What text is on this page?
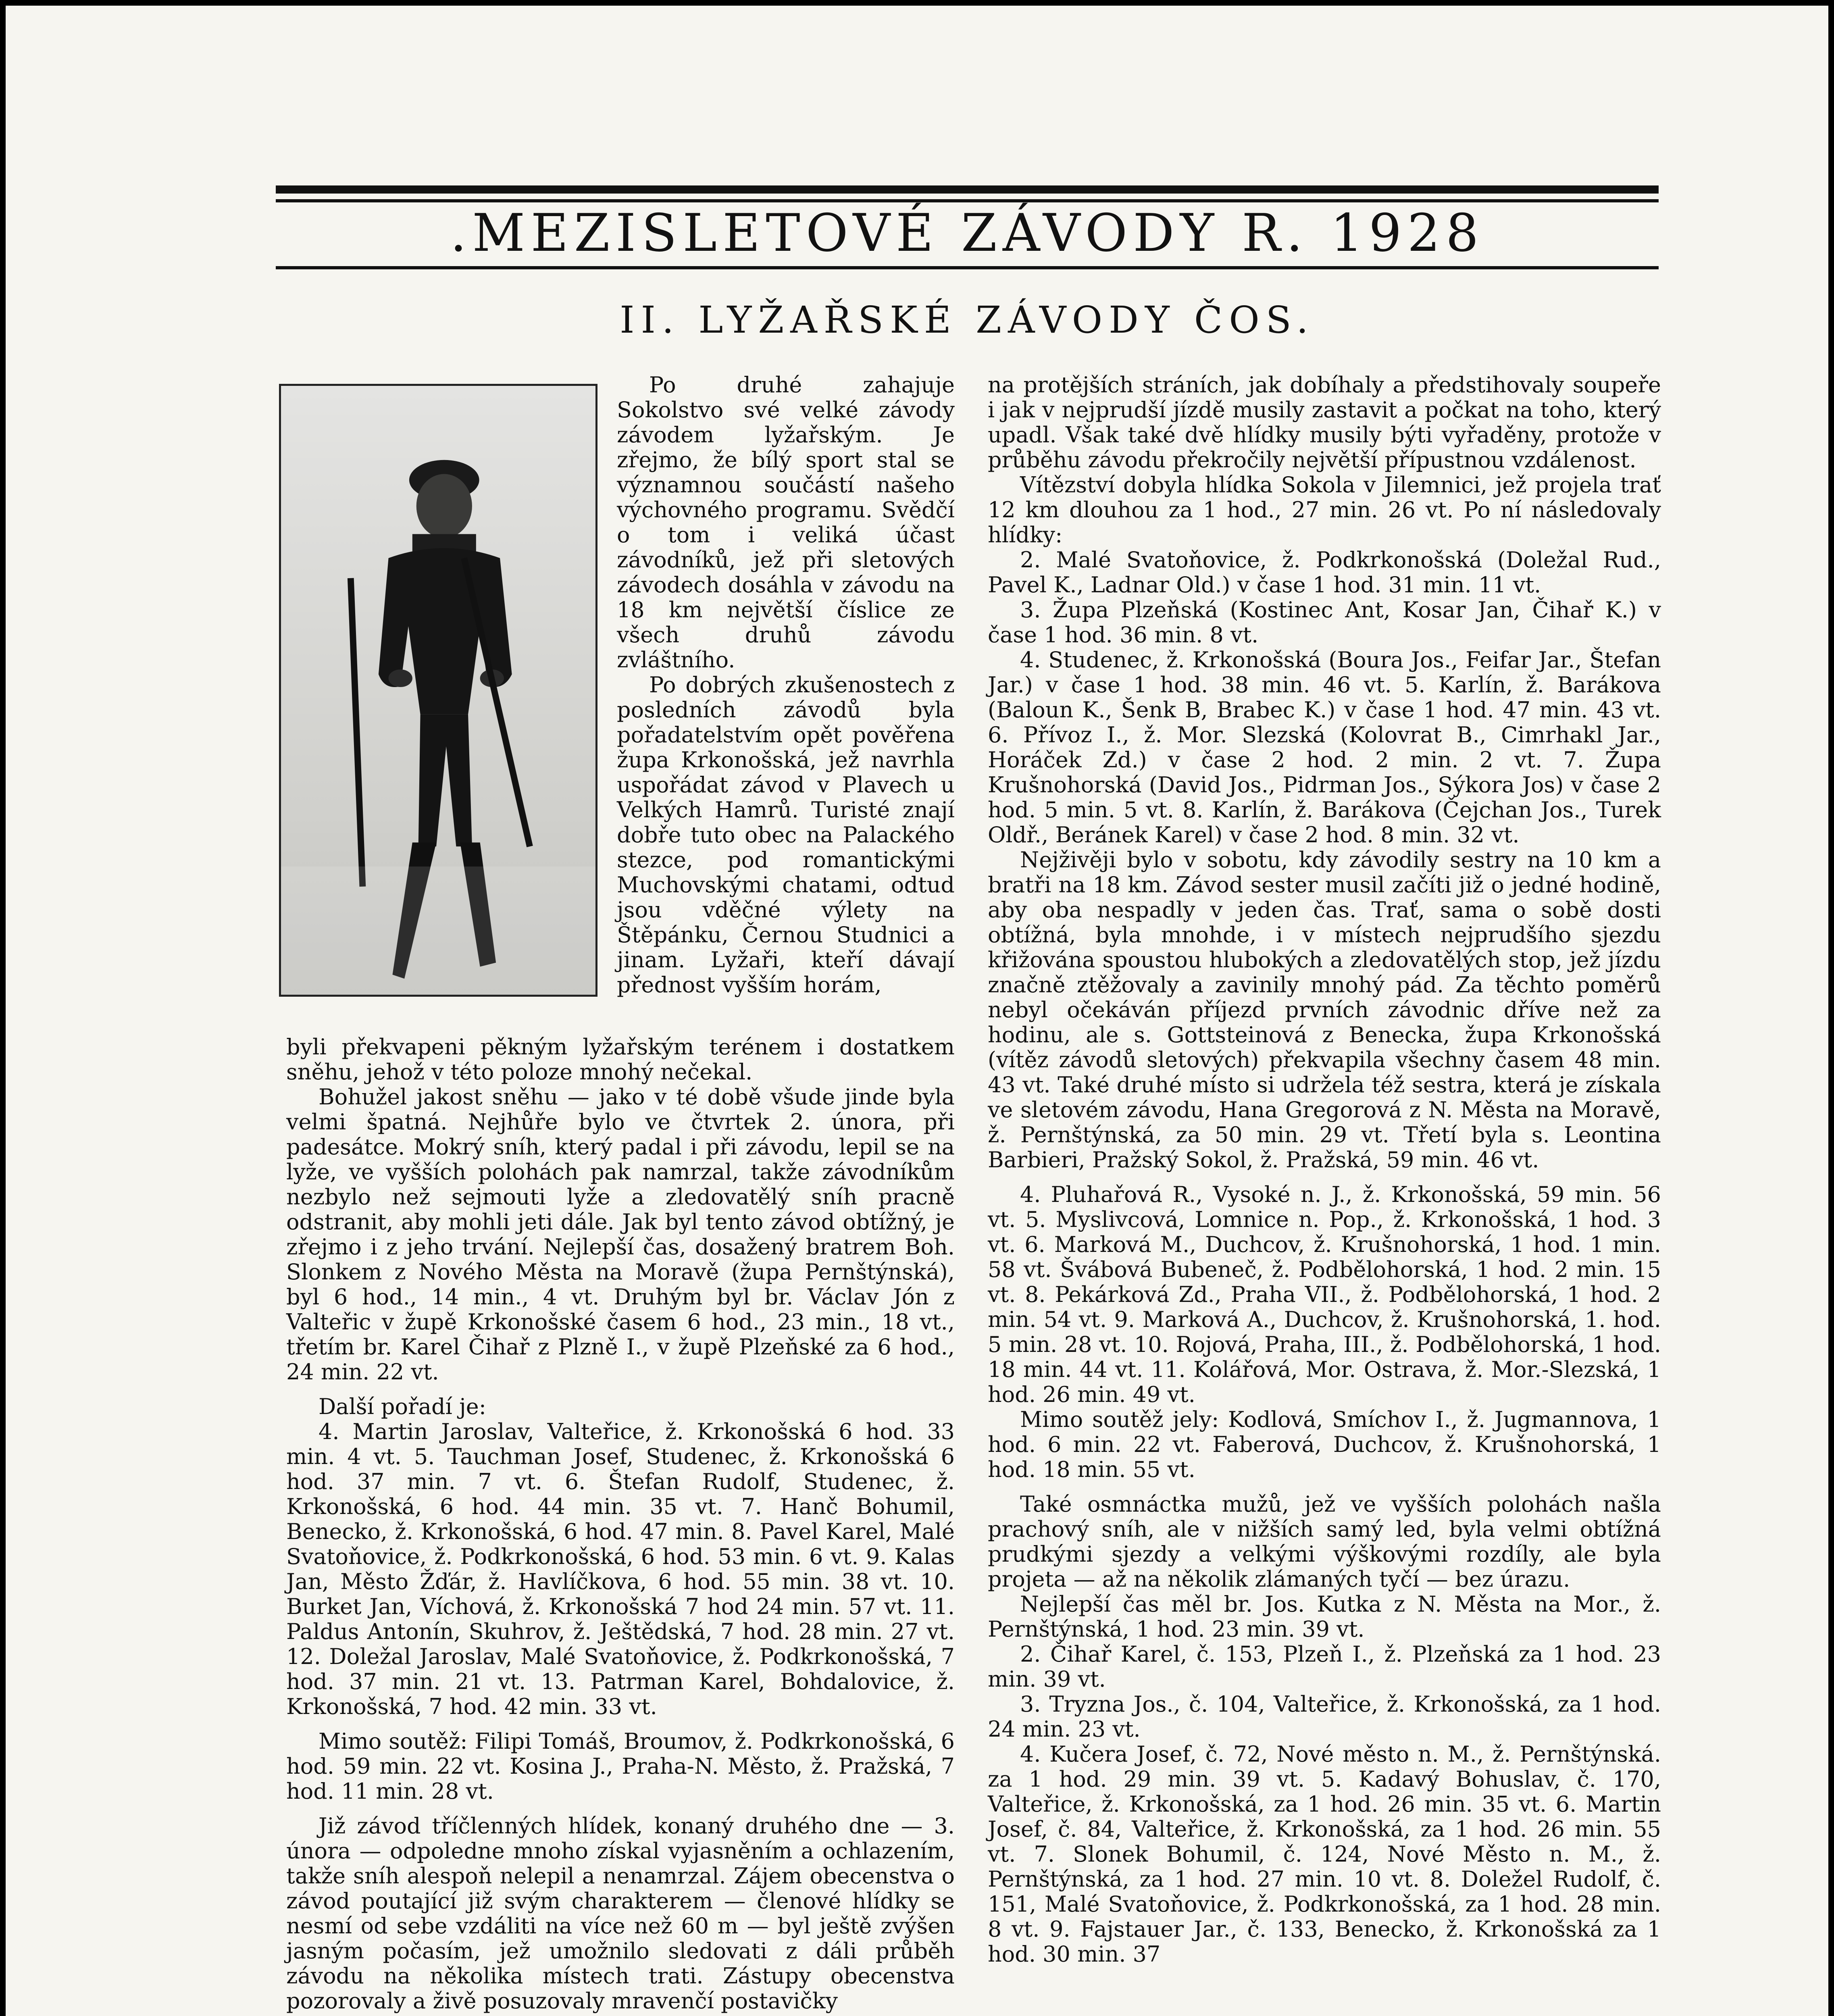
.MEZISLETOVÉ ZÁVODY R. 1928
II. LYŽAŘSKÉ ZÁVODY ČOS.

Po druhé zahajuje Sokolstvo své velké závody závodem lyžařským. Je zřejmo, že bílý sport stal se významnou součástí našeho výchovného programu. Svědčí o tom i veliká účast závodníků, jež při sletových závodech dosáhla v závodu na 18 km největší číslice ze všech druhů závodu zvláštního.

Po dobrých zkušenostech z posledních závodů byla pořadatelstvím opět pověřena župa Krkonošská, jež navrhla uspořádat závod v Plavech u Velkých Hamrů. Turisté znají dobře tuto obec na Palackého stezce, pod romantickými Muchovskými chatami, odtud jsou vděčné výlety na Štěpánku, Černou Studnici a jinam. Lyžaři, kteří dávají přednost vyšším horám,

byli překvapeni pěkným lyžařským terénem i dostatkem sněhu, jehož v této poloze mnohý nečekal.

Bohužel jakost sněhu — jako v té době všude jinde byla velmi špatná. Nejhůře bylo ve čtvrtek 2. února, při padesátce. Mokrý sníh, který padal i při závodu, lepil se na lyže, ve vyšších polohách pak namrzal, takže závodníkům nezbylo než sejmouti lyže a zledovatělý sníh pracně odstranit, aby mohli jeti dále. Jak byl tento závod obtížný, je zřejmo i z jeho trvání. Nejlepší čas, dosažený bratrem Boh. Slonkem z Nového Města na Moravě (župa Pernštýnská), byl 6 hod., 14 min., 4 vt. Druhým byl br. Václav Jón z Valteřic v župě Krkonošské časem 6 hod., 23 min., 18 vt., třetím br. Karel Čihař z Plzně I., v župě Plzeňské za 6 hod., 24 min. 22 vt.

Další pořadí je:

4. Martin Jaroslav, Valteřice, ž. Krkonošská 6 hod. 33 min. 4 vt. 5. Tauchman Josef, Studenec, ž. Krkonošská 6 hod. 37 min. 7 vt. 6. Štefan Rudolf, Studenec, ž. Krkonošská, 6 hod. 44 min. 35 vt. 7. Hanč Bohumil, Benecko, ž. Krkonošská, 6 hod. 47 min. 8. Pavel Karel, Malé Svatoňovice, ž. Podkrkonošská, 6 hod. 53 min. 6 vt. 9. Kalas Jan, Město Žďár, ž. Havlíčkova, 6 hod. 55 min. 38 vt. 10. Burket Jan, Víchová, ž. Krkonošská 7 hod 24 min. 57 vt. 11. Paldus Antonín, Skuhrov, ž. Ještědská, 7 hod. 28 min. 27 vt. 12. Doležal Jaroslav, Malé Svatoňovice, ž. Podkrkonošská, 7 hod. 37 min. 21 vt. 13. Patrman Karel, Bohdalovice, ž. Krkonošská, 7 hod. 42 min. 33 vt.

Mimo soutěž: Filipi Tomáš, Broumov, ž. Podkrkonošská, 6 hod. 59 min. 22 vt. Kosina J., Praha-N. Město, ž. Pražská, 7 hod. 11 min. 28 vt.

Již závod tříčlenných hlídek, konaný druhého dne — 3. února — odpoledne mnoho získal vyjasněním a ochlazením, takže sníh alespoň nelepil a nenamrzal. Zájem obecenstva o závod poutající již svým charakterem — členové hlídky se nesmí od sebe vzdáliti na více než 60 m — byl ještě zvýšen jasným počasím, jež umožnilo sledovati z dáli průběh závodu na několika místech trati. Zástupy obecenstva pozorovaly a živě posuzovaly mravenčí postavičky

na protějších stráních, jak dobíhaly a předstihovaly soupeře i jak v nejprudší jízdě musily zastavit a počkat na toho, který upadl. Však také dvě hlídky musily býti vyřaděny, protože v průběhu závodu překročily největší přípustnou vzdálenost.

Vítězství dobyla hlídka Sokola v Jilemnici, jež projela trať 12 km dlouhou za 1 hod., 27 min. 26 vt. Po ní následovaly hlídky:

2. Malé Svatoňovice, ž. Podkrkonošská (Doležal Rud., Pavel K., Ladnar Old.) v čase 1 hod. 31 min. 11 vt.

3. Župa Plzeňská (Kostinec Ant, Kosar Jan, Čihař K.) v čase 1 hod. 36 min. 8 vt.

4. Studenec, ž. Krkonošská (Boura Jos., Feifar Jar., Štefan Jar.) v čase 1 hod. 38 min. 46 vt. 5. Karlín, ž. Barákova (Baloun K., Šenk B, Brabec K.) v čase 1 hod. 47 min. 43 vt. 6. Přívoz I., ž. Mor. Slezská (Kolovrat B., Cimrhakl Jar., Horáček Zd.) v čase 2 hod. 2 min. 2 vt. 7. Župa Krušnohorská (David Jos., Pidrman Jos., Sýkora Jos) v čase 2 hod. 5 min. 5 vt. 8. Karlín, ž. Barákova (Čejchan Jos., Turek Oldř., Beránek Karel) v čase 2 hod. 8 min. 32 vt.

Nejživěji bylo v sobotu, kdy závodily sestry na 10 km a bratři na 18 km. Závod sester musil začíti již o jedné hodině, aby oba nespadly v jeden čas. Trať, sama o sobě dosti obtížná, byla mnohde, i v místech nejprudšího sjezdu křižována spoustou hlubokých a zledovatělých stop, jež jízdu značně ztěžovaly a zavinily mnohý pád. Za těchto poměrů nebyl očekáván příjezd prvních závodnic dříve než za hodinu, ale s. Gottsteinová z Benecka, župa Krkonošská (vítěz závodů sletových) překvapila všechny časem 48 min. 43 vt. Také druhé místo si udržela též sestra, která je získala ve sletovém závodu, Hana Gregorová z N. Města na Moravě, ž. Pernštýnská, za 50 min. 29 vt. Třetí byla s. Leontina Barbieri, Pražský Sokol, ž. Pražská, 59 min. 46 vt.

4. Pluhařová R., Vysoké n. J., ž. Krkonošská, 59 min. 56 vt. 5. Myslivcová, Lomnice n. Pop., ž. Krkonošská, 1 hod. 3 vt. 6. Marková M., Duchcov, ž. Krušnohorská, 1 hod. 1 min. 58 vt. Švábová Bubeneč, ž. Podbělohorská, 1 hod. 2 min. 15 vt. 8. Pekárková Zd., Praha VII., ž. Podbělohorská, 1 hod. 2 min. 54 vt. 9. Marková A., Duchcov, ž. Krušnohorská, 1. hod. 5 min. 28 vt. 10. Rojová, Praha, III., ž. Podbělohorská, 1 hod. 18 min. 44 vt. 11. Kolářová, Mor. Ostrava, ž. Mor.-Slezská, 1 hod. 26 min. 49 vt.

Mimo soutěž jely: Kodlová, Smíchov I., ž. Jugmannova, 1 hod. 6 min. 22 vt. Faberová, Duchcov, ž. Krušnohorská, 1 hod. 18 min. 55 vt.

Také osmnáctka mužů, jež ve vyšších polohách našla prachový sníh, ale v nižších samý led, byla velmi obtížná prudkými sjezdy a velkými výškovými rozdíly, ale byla projeta — až na několik zlámaných tyčí — bez úrazu.

Nejlepší čas měl br. Jos. Kutka z N. Města na Mor., ž. Pernštýnská, 1 hod. 23 min. 39 vt.

2. Čihař Karel, č. 153, Plzeň I., ž. Plzeňská za 1 hod. 23 min. 39 vt.

3. Tryzna Jos., č. 104, Valteřice, ž. Krkonošská, za 1 hod. 24 min. 23 vt.

4. Kučera Josef, č. 72, Nové město n. M., ž. Pernštýnská. za 1 hod. 29 min. 39 vt. 5. Kadavý Bohuslav, č. 170, Valteřice, ž. Krkonošská, za 1 hod. 26 min. 35 vt. 6. Martin Josef, č. 84, Valteřice, ž. Krkonošská, za 1 hod. 26 min. 55 vt. 7. Slonek Bohumil, č. 124, Nové Město n. M., ž. Pernštýnská, za 1 hod. 27 min. 10 vt. 8. Doležel Rudolf, č. 151, Malé Svatoňovice, ž. Podkrkonošská, za 1 hod. 28 min. 8 vt. 9. Fajstauer Jar., č. 133, Benecko, ž. Krkonošská za 1 hod. 30 min. 37
